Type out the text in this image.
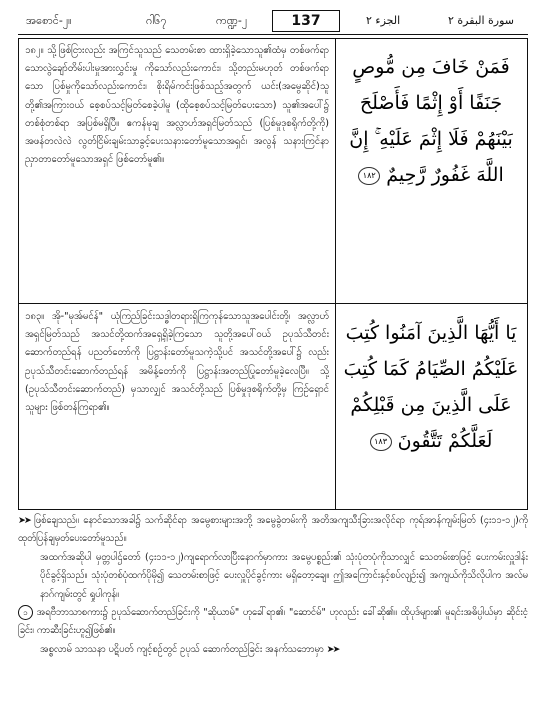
အစောင်-၂။	ဂါ၆၇	ကဏ္ဍ-၂	137	الجزء ٢	سورة البقرة ٢
၁၈၂။ သို့ဖြစ်ငြားလည်း အကြင်သူသည် သေတမ်းစာ ထားရှိခဲ့သောသူ၏ထံမှ တစ်ဖက်ရာသောလွဲချော်တိမ်းပါးမှုအားလွှင်းမှု ကိုသော်လည်းကောင်း၊ သို့တည်းမဟုတ် တစ်ဖက်ရာသော ပြစ်မှုကိုသော်လည်းကောင်း၊ စိုးရိမ်ကင်းဖြစ်သည့်အတွက် ယင်း(အမွေဆိုင်)သူတို့၏အကြားဝယ် စေ့စပ်သင့်မြတ်စေခဲ့ပါမူ (ထိုစေ့စပ်သင့်မြတ်ပေးသော) သူ၏အပေါ်၌ တစ်စုံတစ်ရာ အပြစ်မရှိပြီ။ ဧကန်မုချ အလ္လာဟ်အရှင်မြတ်သည် (ပြစ်မှုဒုစရိုက်တို့ကို) အဖန်တလဲလဲ လွတ်ငြိမ်းချမ်းသာခွင့်ပေးသနားတော်မူသောအရှင်၊ အလွန် သနားကြင်နာညှာတာတော်မူသောအရှင် ဖြစ်တော်မူ၏။
فَمَنْ خَافَ مِن مُّوصٍ جَنَفًا أَوْ إِثْمًا فَأَصْلَحَ بَيْنَهُمْ فَلَا إِثْمَ عَلَيْهِ ۚ إِنَّ اللَّهَ غَفُورٌ رَّحِيمٌ ١٨٢
၁၈၃။ အို-"မုအ်မင်န်" ယုံကြည်ခြင်းသဒ္ဓါတရားရှိကြကုန်သောသူအပေါင်းတို့၊ အလ္လာဟ်အရှင်မြတ်သည် အသင်တို့ထက်အရှေ့ရှိခဲ့ကြသော သူတို့အပေါ်ဝယ် ဥပုသ်သီတင်းဆောက်တည်ရန် ပညတ်တော်ကို ပြဋ္ဌာန်းတော်မူသကဲ့သို့ပင် အသင်တို့အပေါ်၌ လည်း ဥပုသ်သီတင်းဆောက်တည်ရန် အမိန့်တော်ကို ပြဋ္ဌာန်းအတည်ပြုတော်မူခဲ့လေပြီ။ သို့ (ဥပုသ်သီတင်းဆောက်တည်) မှသာလျှင် အသင်တို့သည် ပြစ်မှုဒုစရိုက်တို့မှ ကြဉ်ရှောင်သူများ ဖြစ်တန်ကြရာ၏။
يَا أَيُّهَا الَّذِينَ آمَنُوا كُتِبَ عَلَيْكُمُ الصِّيَامُ كَمَا كُتِبَ عَلَى الَّذِينَ مِن قَبْلِكُمْ لَعَلَّكُمْ تَتَّقُونَ ١٨٣

➤➤ ဖြစ်ချေသည်။ နောင်သောအခါ၌ သက်ဆိုင်ရာ အမွေစားများအဘို့ အမွေခွဲတမ်းကို အတိအကျသီးခြားအလိုင်ရာ ကုရ်အာန်ကျမ်းမြတ် (၄း၁၁-၁၂)ကို ထုတ်ပြန်ချမှတ်ပေးတော်မူသည်။

အထက်အဆိုပါ မှတ္တပါဌ်တော် (၄း၁၁-၁၂)ကျရောက်လာပြီးနောက်မှာကား အမွေပစ္စည်း၏ သုံးပုံတပုံကိုသာလျှင် သေတမ်းစာဖြင့် ပေးကမ်းလှူဒါန်းပိုင်ခွင့်ရှိသည်။ သုံးပုံတစ်ပုံထက်ပိုမို၍ သေတမ်းစာဖြင့် ပေးလှူပိုင်ခွင့်ကား မရှိတော့ချေ။ ဤအကြောင်းနှင့်စပ်လျဉ်း၍ အကျယ်ကိုသိလိုပါက အလ်မနာဂ်ကျမ်းတွင် ရှုပါကုန်။

၁ အရဗီဘာသာစကား၌ ဥပုသ်ဆောက်တည်ခြင်းကို "ဆိုယာမ်" ဟုခေါ်ရာ၏၊ "ဆောင်မ်" ဟုလည်း ခေါ်ဆို၏။ ထိုပုဒ်များ၏ မူရင်းအဓိပ္ပါယ်မှာ ဆိုင်းငံ့ခြင်း၊ ကာဆီးခြင်းဟူ၍ဖြစ်၏။

အစ္စလာမ် သာသနာ ပဋိပတ် ကျင့်စဉ်တွင် ဥပုသ် ဆောက်တည်ခြင်း အနက်သဘောမှာ ➤➤
